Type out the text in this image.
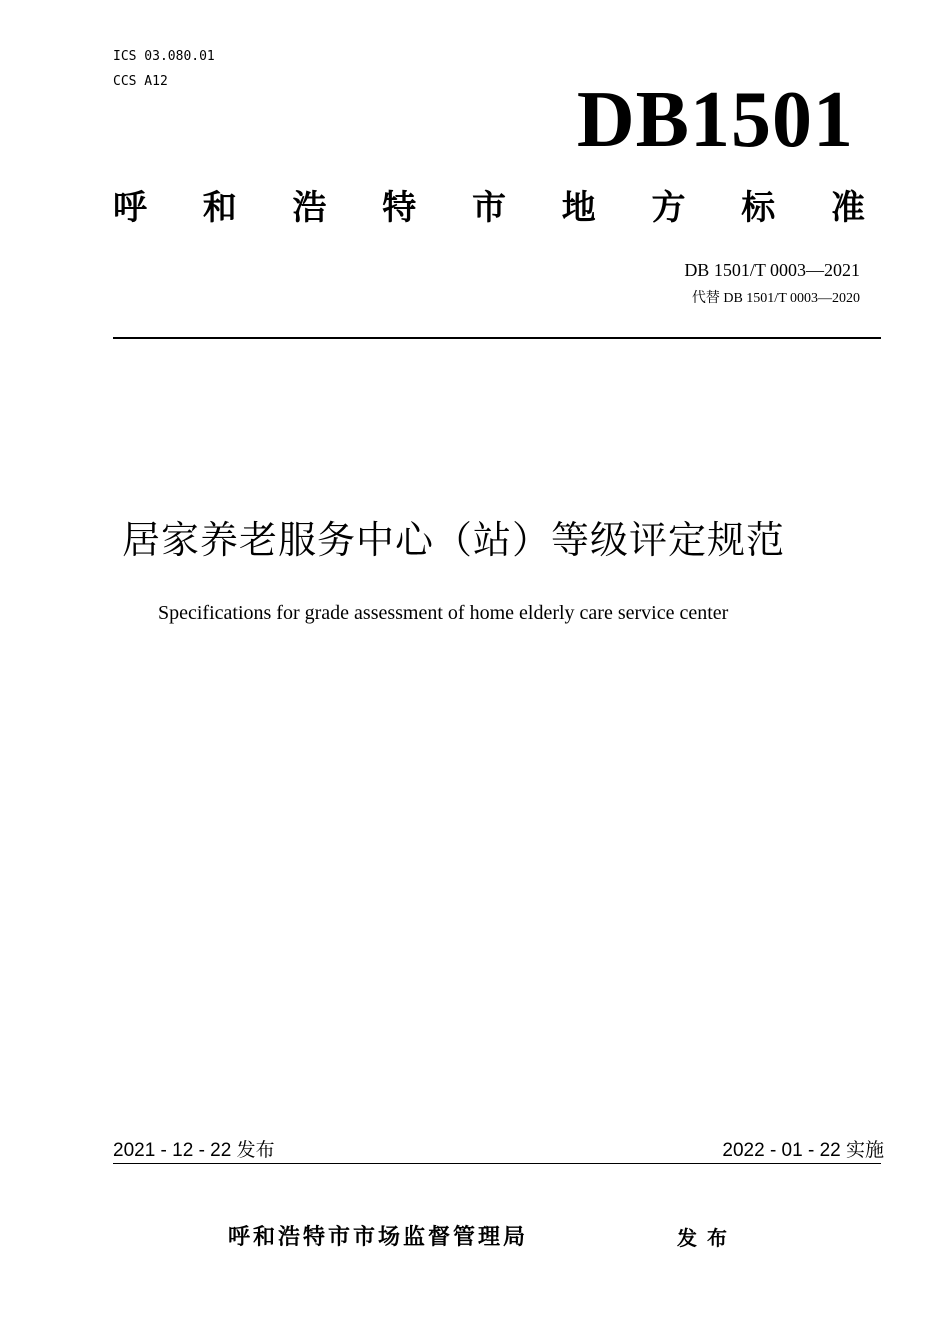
ICS 03.080.01
CCS A12	DB1501
呼 和 浩 特 市 地 方 标 准
DB 1501/T 0003—2021
代替 DB 1501/T 0003—2020
居家养老服务中心（站）等级评定规范
Specifications for grade assessment of home elderly care service center
2021 - 12 - 22 发布	2022 - 01 - 22 实施
呼和浩特市市场监督管理局	发布
